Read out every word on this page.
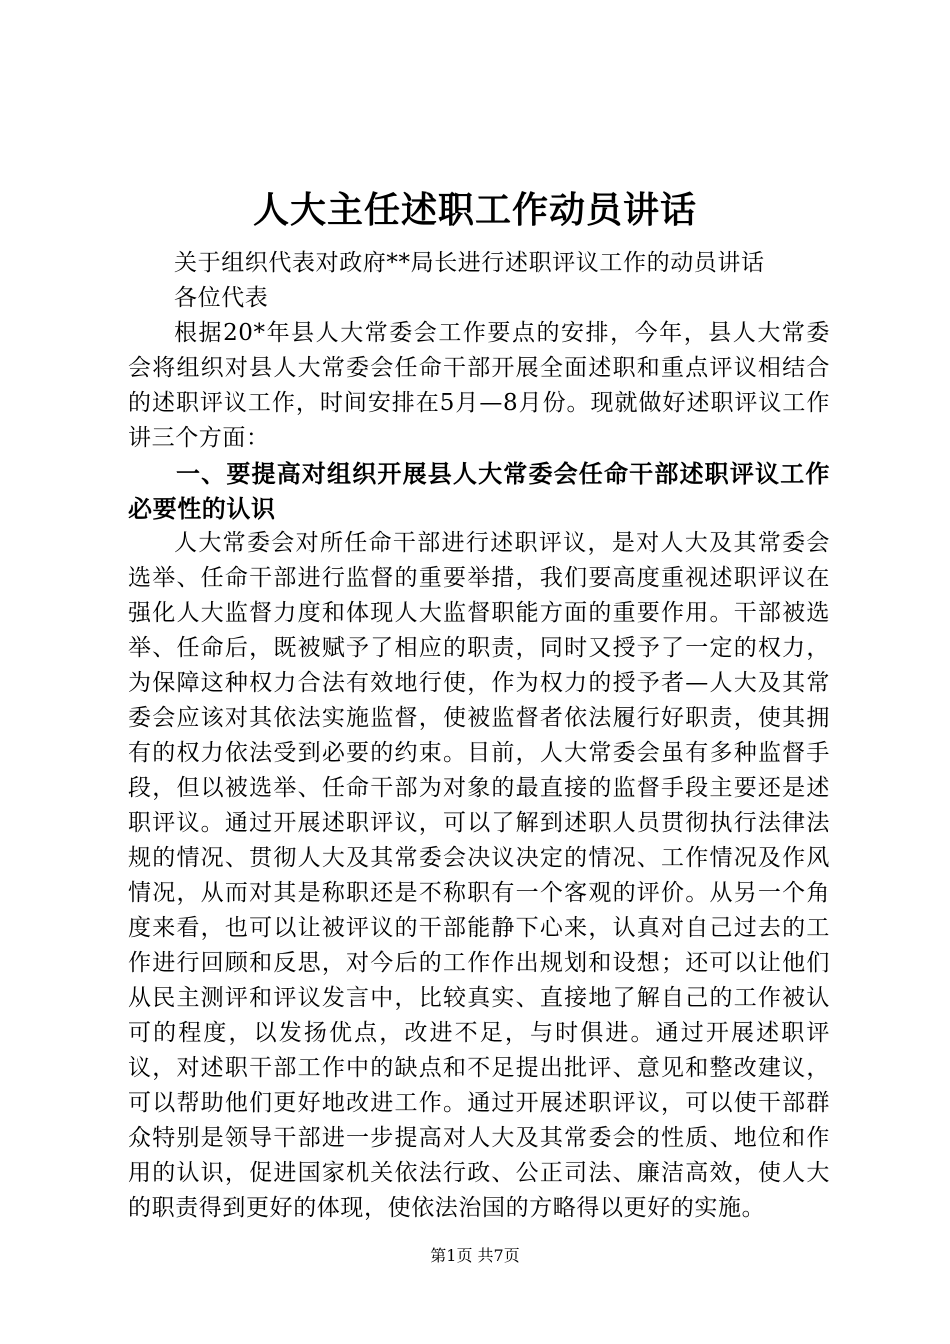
人大主任述职工作动员讲话

关于组织代表对政府**局长进行述职评议工作的动员讲话

各位代表

根据20*年县人大常委会工作要点的安排，今年，县人大常委会将组织对县人大常委会任命干部开展全面述职和重点评议相结合的述职评议工作，时间安排在5月—8月份。现就做好述职评议工作讲三个方面：

一、要提高对组织开展县人大常委会任命干部述职评议工作必要性的认识

人大常委会对所任命干部进行述职评议，是对人大及其常委会选举、任命干部进行监督的重要举措，我们要高度重视述职评议在强化人大监督力度和体现人大监督职能方面的重要作用。干部被选举、任命后，既被赋予了相应的职责，同时又授予了一定的权力，为保障这种权力合法有效地行使，作为权力的授予者—人大及其常委会应该对其依法实施监督，使被监督者依法履行好职责，使其拥有的权力依法受到必要的约束。目前，人大常委会虽有多种监督手段，但以被选举、任命干部为对象的最直接的监督手段主要还是述职评议。通过开展述职评议，可以了解到述职人员贯彻执行法律法规的情况、贯彻人大及其常委会决议决定的情况、工作情况及作风情况，从而对其是称职还是不称职有一个客观的评价。从另一个角度来看，也可以让被评议的干部能静下心来，认真对自己过去的工作进行回顾和反思，对今后的工作作出规划和设想；还可以让他们从民主测评和评议发言中，比较真实、直接地了解自己的工作被认可的程度，以发扬优点，改进不足，与时俱进。通过开展述职评议，对述职干部工作中的缺点和不足提出批评、意见和整改建议，可以帮助他们更好地改进工作。通过开展述职评议，可以使干部群众特别是领导干部进一步提高对人大及其常委会的性质、地位和作用的认识，促进国家机关依法行政、公正司法、廉洁高效，使人大的职责得到更好的体现，使依法治国的方略得以更好的实施。

第1页 共7页
